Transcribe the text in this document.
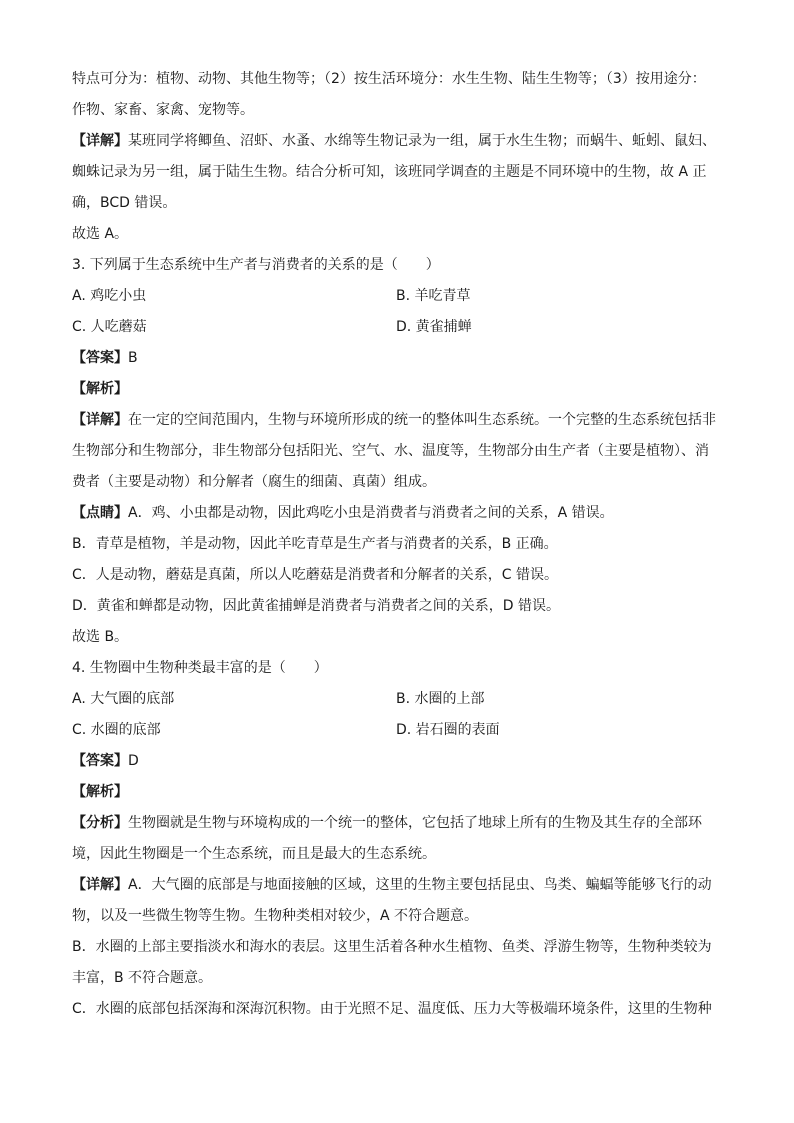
特点可分为：植物、动物、其他生物等；（2）按生活环境分：水生生物、陆生生物等；（3）按用途分：
作物、家畜、家禽、宠物等。
【详解】某班同学将鲫鱼、沼虾、水蚤、水绵等生物记录为一组，属于水生生物；而蜗牛、蚯蚓、鼠妇、
蜘蛛记录为另一组，属于陆生生物。结合分析可知，该班同学调查的主题是不同环境中的生物，故 A 正
确，BCD 错误。
故选 A。
3. 下列属于生态系统中生产者与消费者的关系的是（　　）
A. 鸡吃小虫	B. 羊吃青草
C. 人吃蘑菇	D. 黄雀捕蝉
【答案】B
【解析】
【详解】在一定的空间范围内，生物与环境所形成的统一的整体叫生态系统。一个完整的生态系统包括非
生物部分和生物部分，非生物部分包括阳光、空气、水、温度等，生物部分由生产者（主要是植物）、消
费者（主要是动物）和分解者（腐生的细菌、真菌）组成。
【点睛】A．鸡、小虫都是动物，因此鸡吃小虫是消费者与消费者之间的关系，A 错误。
B．青草是植物，羊是动物，因此羊吃青草是生产者与消费者的关系，B 正确。
C．人是动物，蘑菇是真菌，所以人吃蘑菇是消费者和分解者的关系，C 错误。
D．黄雀和蝉都是动物，因此黄雀捕蝉是消费者与消费者之间的关系，D 错误。
故选 B。
4. 生物圈中生物种类最丰富的是（　　）
A. 大气圈的底部	B. 水圈的上部
C. 水圈的底部	D. 岩石圈的表面
【答案】D
【解析】
【分析】生物圈就是生物与环境构成的一个统一的整体，它包括了地球上所有的生物及其生存的全部环
境，因此生物圈是一个生态系统，而且是最大的生态系统。
【详解】A．大气圈的底部是与地面接触的区域，这里的生物主要包括昆虫、鸟类、蝙蝠等能够飞行的动
物，以及一些微生物等生物。生物种类相对较少，A 不符合题意。
B．水圈的上部主要指淡水和海水的表层。这里生活着各种水生植物、鱼类、浮游生物等，生物种类较为
丰富，B 不符合题意。
C．水圈的底部包括深海和深海沉积物。由于光照不足、温度低、压力大等极端环境条件，这里的生物种
